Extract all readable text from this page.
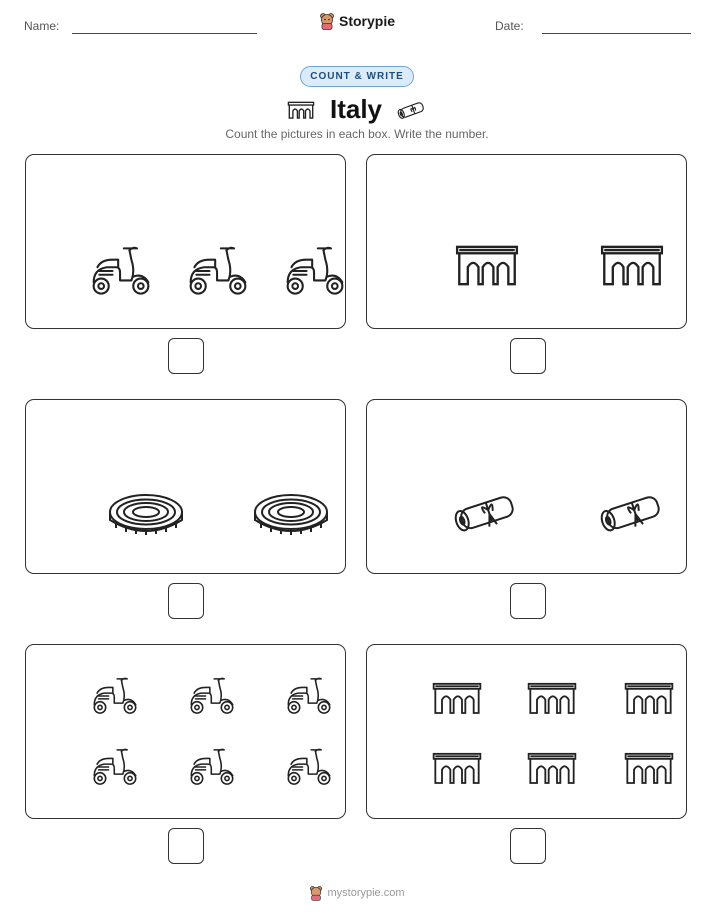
Name:	Date:
Storypie
COUNT & WRITE
Italy
Count the pictures in each box. Write the number.
mystorypie.com
